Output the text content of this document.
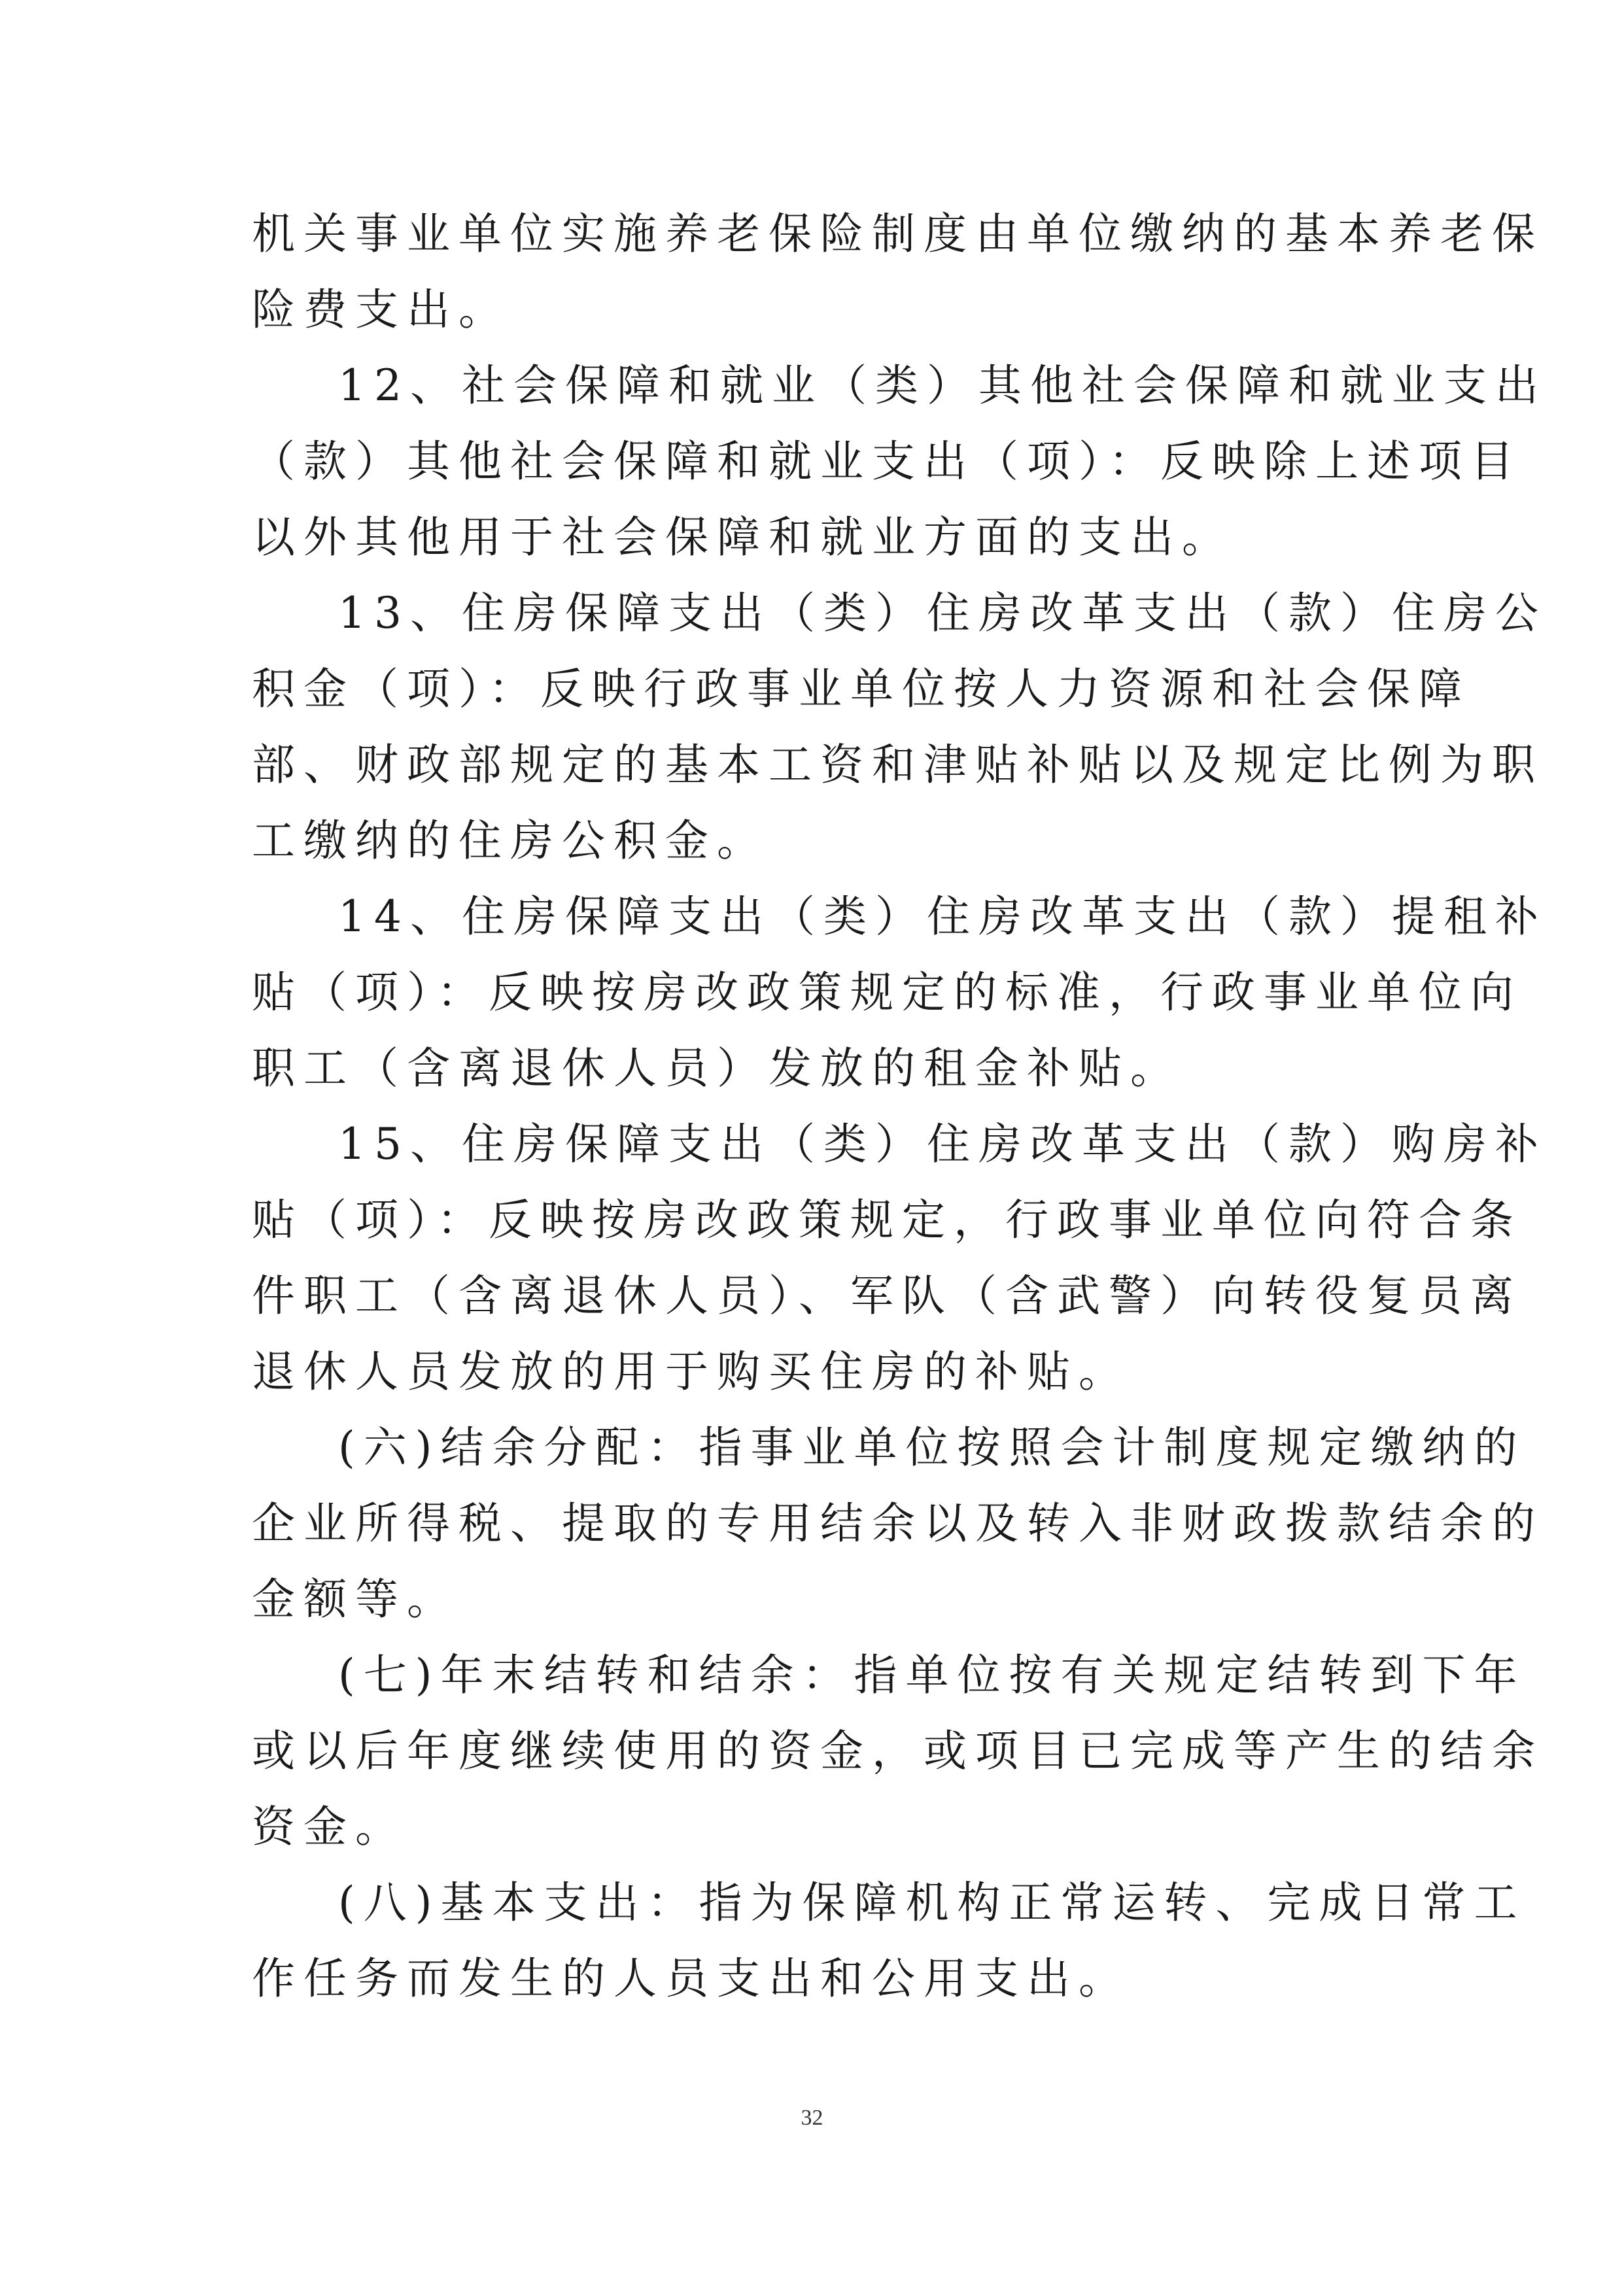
机关事业单位实施养老保险制度由单位缴纳的基本养老保
险费支出。

12、社会保障和就业（类）其他社会保障和就业支出
（款）其他社会保障和就业支出（项）：反映除上述项目
以外其他用于社会保障和就业方面的支出。

13、住房保障支出（类）住房改革支出（款）住房公
积金（项）：反映行政事业单位按人力资源和社会保障
部、财政部规定的基本工资和津贴补贴以及规定比例为职
工缴纳的住房公积金。

14、住房保障支出（类）住房改革支出（款）提租补
贴（项）：反映按房改政策规定的标准，行政事业单位向
职工（含离退休人员）发放的租金补贴。

15、住房保障支出（类）住房改革支出（款）购房补
贴（项）：反映按房改政策规定，行政事业单位向符合条
件职工（含离退休人员）、军队（含武警）向转役复员离
退休人员发放的用于购买住房的补贴。

(六)结余分配：指事业单位按照会计制度规定缴纳的
企业所得税、提取的专用结余以及转入非财政拨款结余的
金额等。

(七)年末结转和结余：指单位按有关规定结转到下年
或以后年度继续使用的资金，或项目已完成等产生的结余
资金。

(八)基本支出：指为保障机构正常运转、完成日常工
作任务而发生的人员支出和公用支出。

32
